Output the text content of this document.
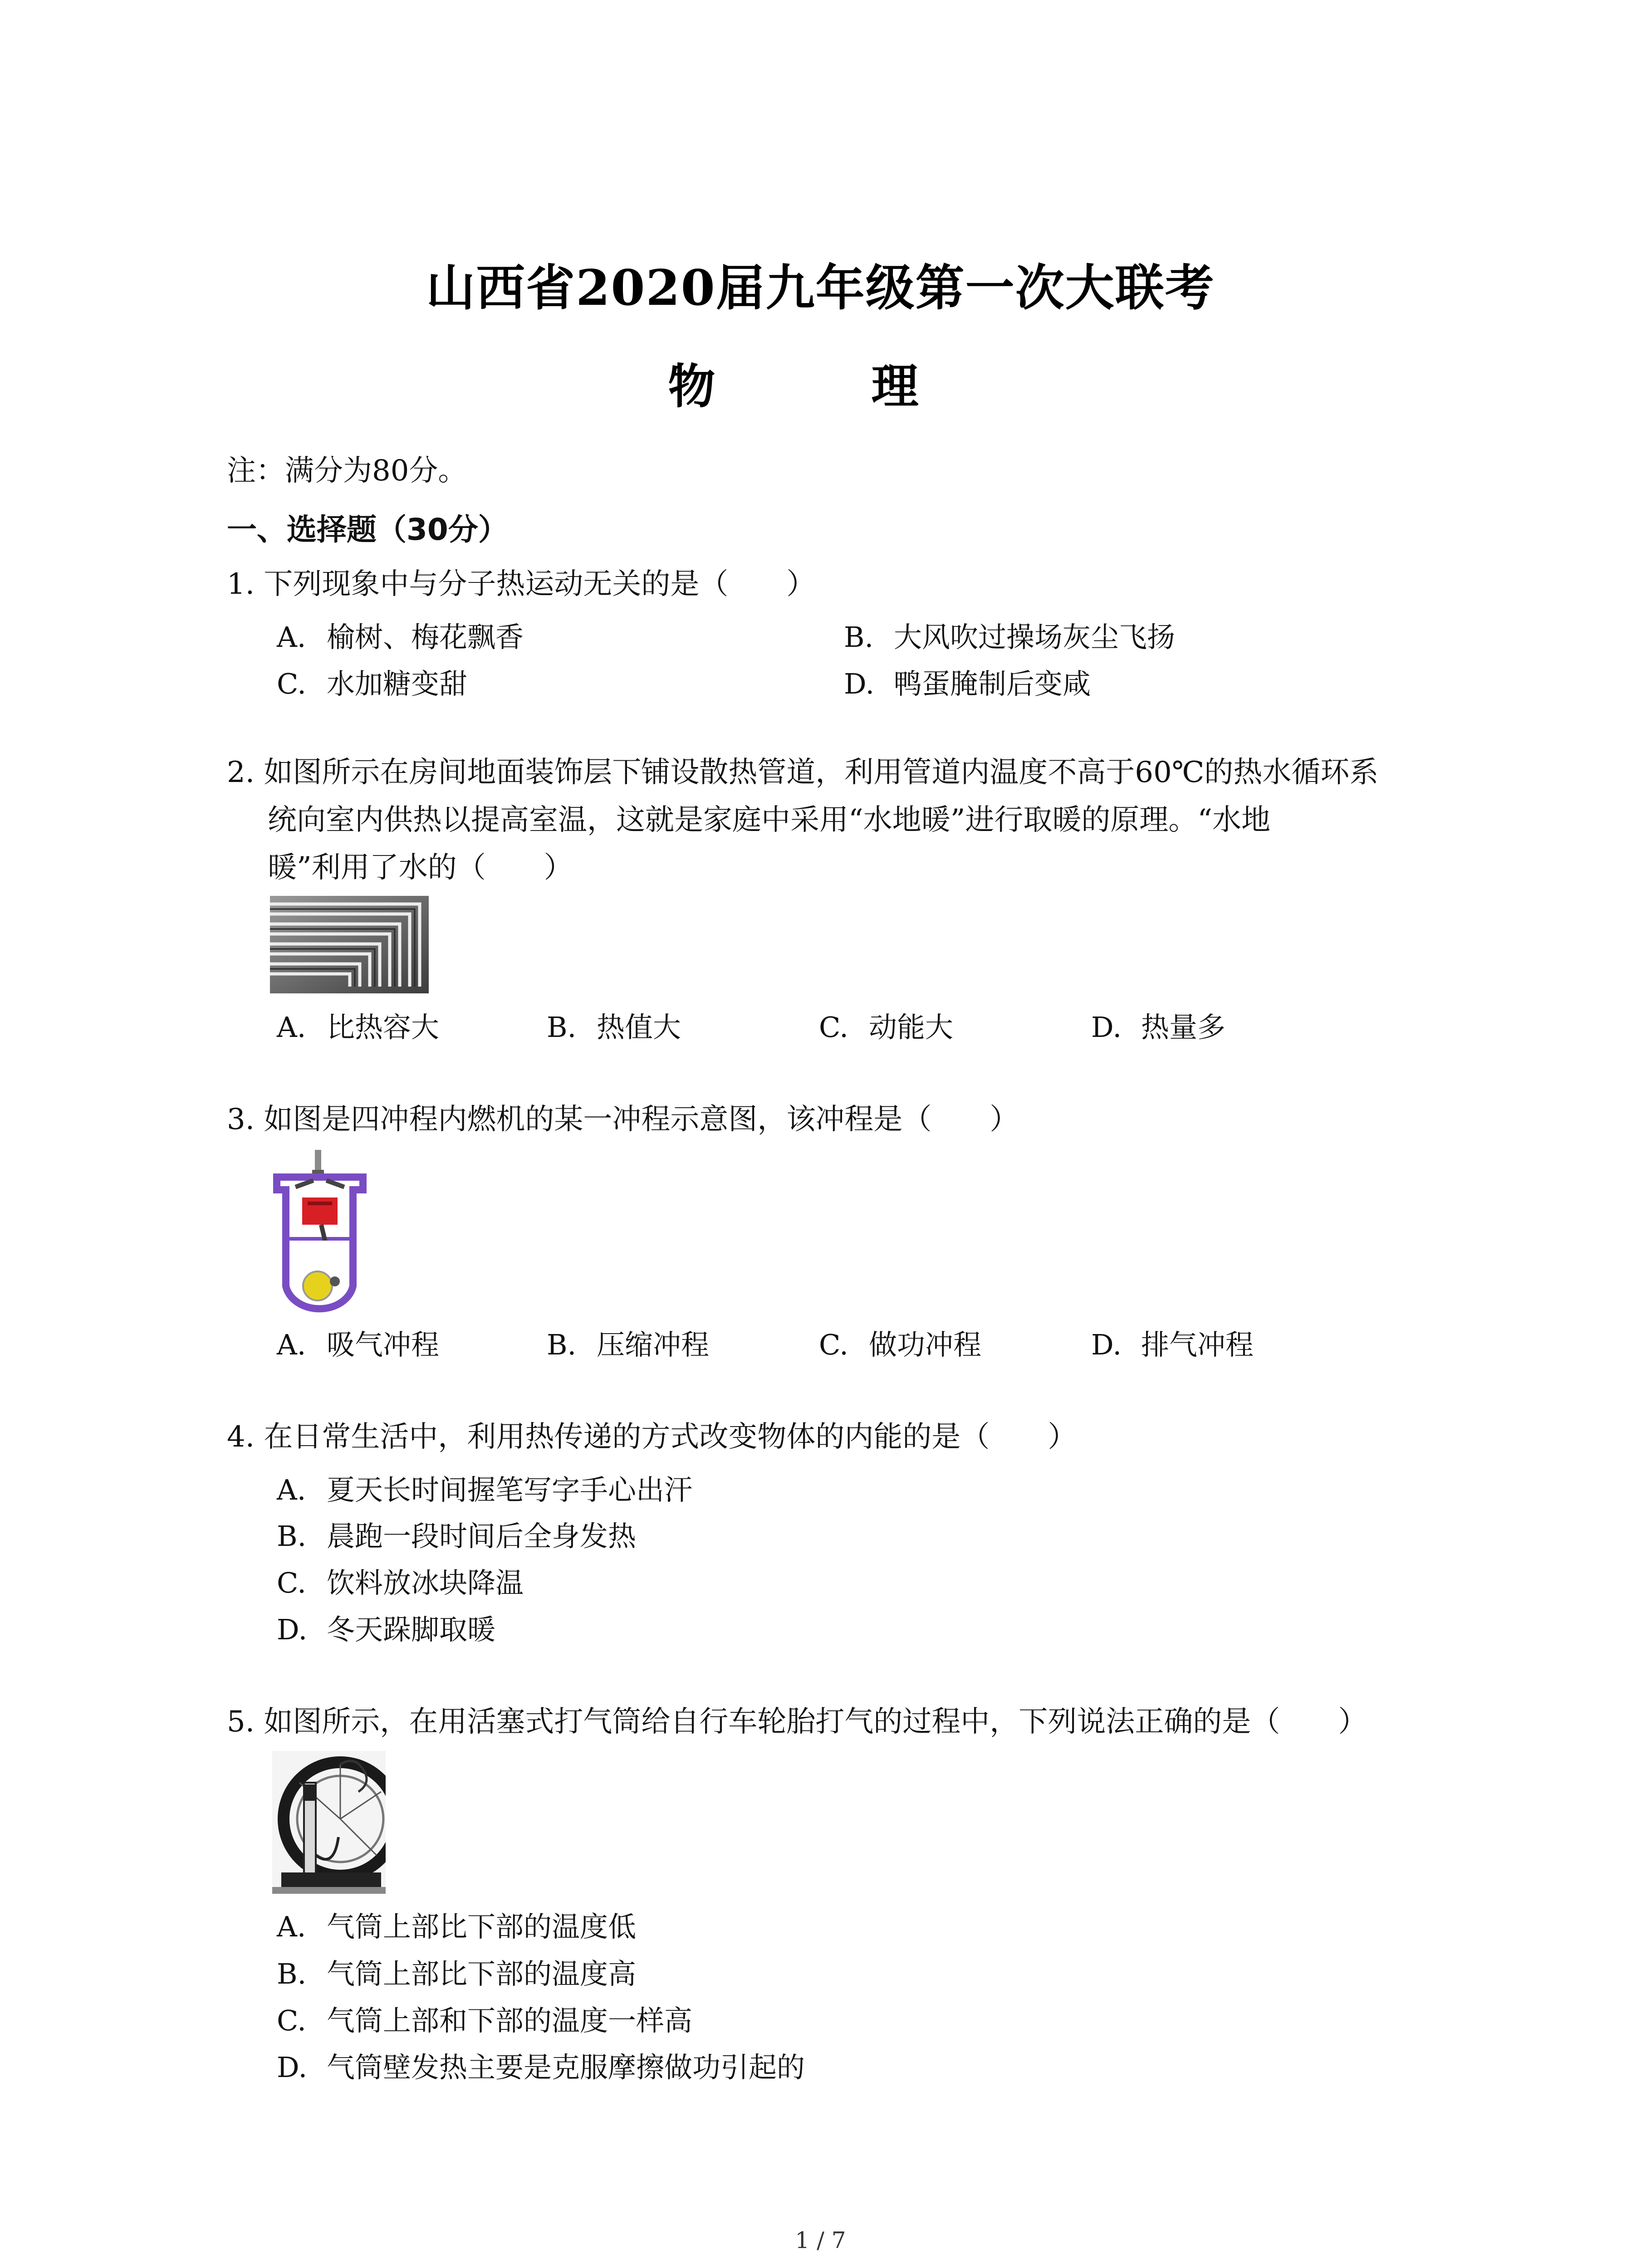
山西省2020届九年级第一次大联考
物　理
注：满分为80分。
一、选择题（30分）
1. 下列现象中与分子热运动无关的是（　　）
A. 榆树、梅花飘香	B. 大风吹过操场灰尘飞扬
C. 水加糖变甜	D. 鸭蛋腌制后变咸
2. 如图所示在房间地面装饰层下铺设散热管道，利用管道内温度不高于60℃的热水循环系
统向室内供热以提高室温，这就是家庭中采用“水地暖”进行取暖的原理。“水地
暖”利用了水的（　　）
A. 比热容大	B. 热值大	C. 动能大	D. 热量多
3. 如图是四冲程内燃机的某一冲程示意图，该冲程是（　　）
A. 吸气冲程	B. 压缩冲程	C. 做功冲程	D. 排气冲程
4. 在日常生活中，利用热传递的方式改变物体的内能的是（　　）
A. 夏天长时间握笔写字手心出汗
B. 晨跑一段时间后全身发热
C. 饮料放冰块降温
D. 冬天跺脚取暖
5. 如图所示，在用活塞式打气筒给自行车轮胎打气的过程中，下列说法正确的是（　　）
A. 气筒上部比下部的温度低
B. 气筒上部比下部的温度高
C. 气筒上部和下部的温度一样高
D. 气筒壁发热主要是克服摩擦做功引起的
1 / 7
